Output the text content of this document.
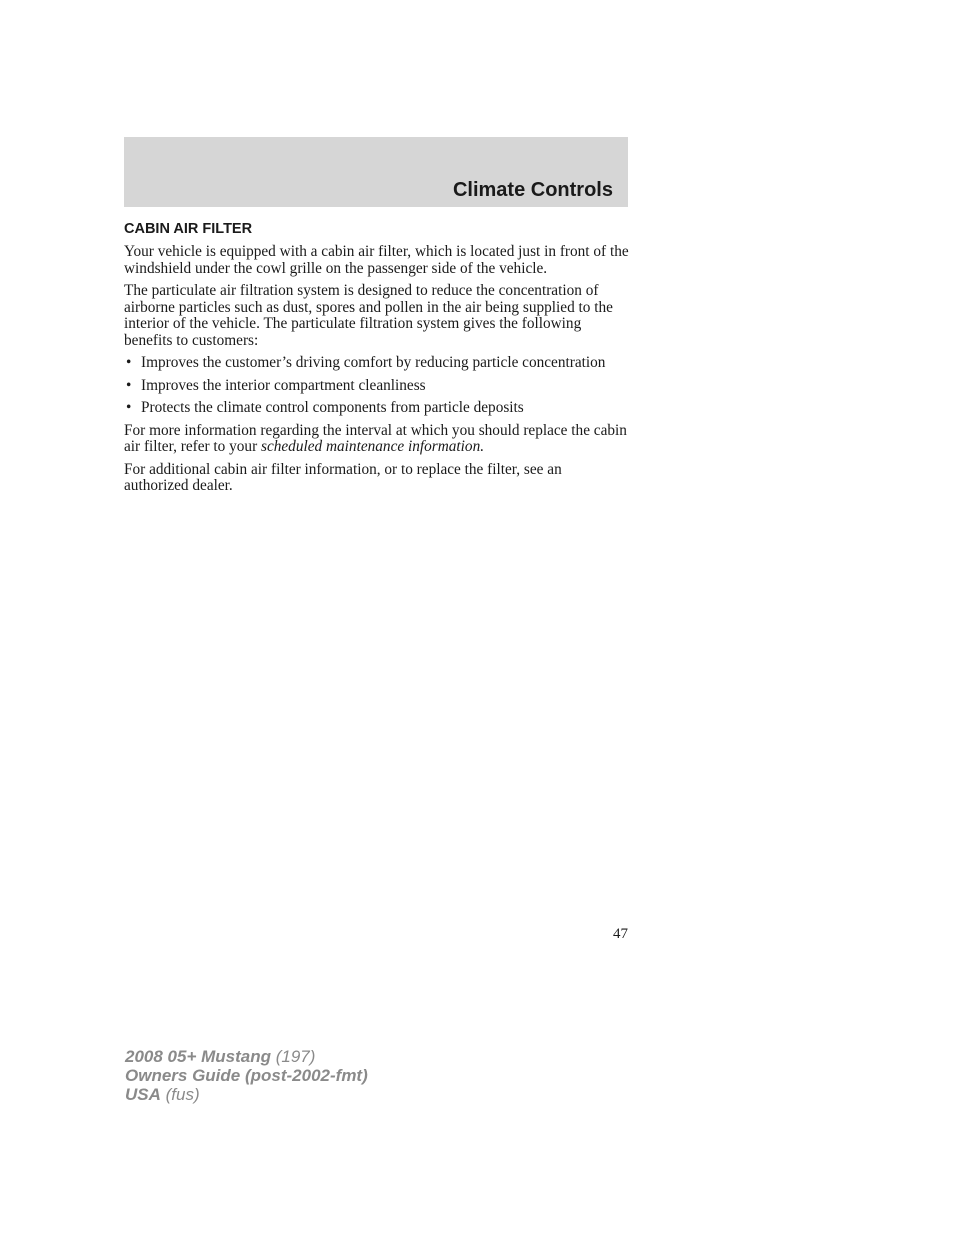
Climate Controls
CABIN AIR FILTER

Your vehicle is equipped with a cabin air filter, which is located just in front of the windshield under the cowl grille on the passenger side of the vehicle.

The particulate air filtration system is designed to reduce the concentration of airborne particles such as dust, spores and pollen in the air being supplied to the interior of the vehicle. The particulate filtration system gives the following benefits to customers:

• Improves the customer’s driving comfort by reducing particle concentration
• Improves the interior compartment cleanliness
• Protects the climate control components from particle deposits

For more information regarding the interval at which you should replace the cabin air filter, refer to your scheduled maintenance information.

For additional cabin air filter information, or to replace the filter, see an authorized dealer.

47
2008 05+ Mustang (197)
Owners Guide (post-2002-fmt)
USA (fus)
